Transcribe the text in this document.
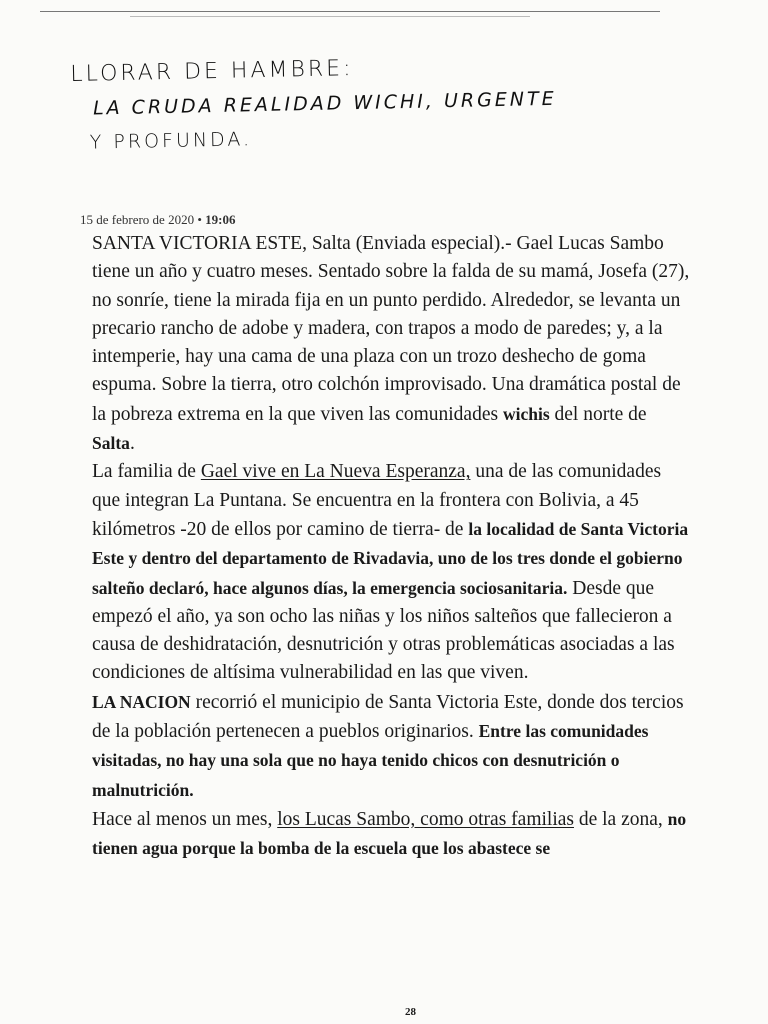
LLORAR DE HAMBRE:
LA CRUDA REALIDAD WICHI, URGENTE
Y PROFUNDA.
15 de febrero de 2020 • 19:06

SANTA VICTORIA ESTE, Salta (Enviada especial).- Gael Lucas Sambo tiene un año y cuatro meses. Sentado sobre la falda de su mamá, Josefa (27), no sonríe, tiene la mirada fija en un punto perdido. Alrededor, se levanta un precario rancho de adobe y madera, con trapos a modo de paredes; y, a la intemperie, hay una cama de una plaza con un trozo deshecho de goma espuma. Sobre la tierra, otro colchón improvisado. Una dramática postal de la pobreza extrema en la que viven las comunidades wichis del norte de Salta.

La familia de Gael vive en La Nueva Esperanza, una de las comunidades que integran La Puntana. Se encuentra en la frontera con Bolivia, a 45 kilómetros -20 de ellos por camino de tierra- de la localidad de Santa Victoria Este y dentro del departamento de Rivadavia, uno de los tres donde el gobierno salteño declaró, hace algunos días, la emergencia sociosanitaria. Desde que empezó el año, ya son ocho las niñas y los niños salteños que fallecieron a causa de deshidratación, desnutrición y otras problemáticas asociadas a las condiciones de altísima vulnerabilidad en las que viven.

LA NACION recorrió el municipio de Santa Victoria Este, donde dos tercios de la población pertenecen a pueblos originarios. Entre las comunidades visitadas, no hay una sola que no haya tenido chicos con desnutrición o malnutrición.

Hace al menos un mes, los Lucas Sambo, como otras familias de la zona, no tienen agua porque la bomba de la escuela que los abastece se

28
